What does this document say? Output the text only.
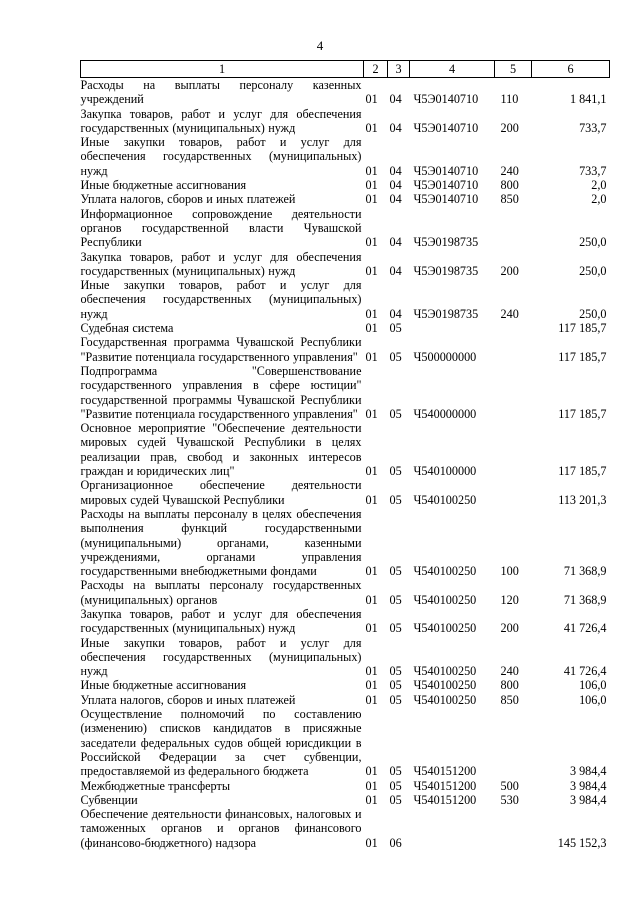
4
1	2	3	4	5	6
Расходы на выплаты персоналу казенных учреждений	01	04	Ч5Э0140710	110	1 841,1
Закупка товаров, работ и услуг для обеспечения государственных (муниципальных) нужд	01	04	Ч5Э0140710	200	733,7
Иные закупки товаров, работ и услуг для обеспечения государственных (муниципальных) нужд	01	04	Ч5Э0140710	240	733,7
Иные бюджетные ассигнования	01	04	Ч5Э0140710	800	2,0
Уплата налогов, сборов и иных платежей	01	04	Ч5Э0140710	850	2,0
Информационное сопровождение деятельности органов государственной власти Чувашской Республики	01	04	Ч5Э0198735		250,0
Закупка товаров, работ и услуг для обеспечения государственных (муниципальных) нужд	01	04	Ч5Э0198735	200	250,0
Иные закупки товаров, работ и услуг для обеспечения государственных (муниципальных) нужд	01	04	Ч5Э0198735	240	250,0
Судебная система	01	05			117 185,7
Государственная программа Чувашской Республики "Развитие потенциала государственного управления"	01	05	Ч500000000		117 185,7
Подпрограмма "Совершенствование государственного управления в сфере юстиции" государственной программы Чувашской Республики "Развитие потенциала государственного управления"	01	05	Ч540000000		117 185,7
Основное мероприятие "Обеспечение деятельности мировых судей Чувашской Республики в целях реализации прав, свобод и законных интересов граждан и юридических лиц"	01	05	Ч540100000		117 185,7
Организационное обеспечение деятельности мировых судей Чувашской Республики	01	05	Ч540100250		113 201,3
Расходы на выплаты персоналу в целях обеспечения выполнения функций государственными (муниципальными) органами, казенными учреждениями, органами управления государственными внебюджетными фондами	01	05	Ч540100250	100	71 368,9
Расходы на выплаты персоналу государственных (муниципальных) органов	01	05	Ч540100250	120	71 368,9
Закупка товаров, работ и услуг для обеспечения государственных (муниципальных) нужд	01	05	Ч540100250	200	41 726,4
Иные закупки товаров, работ и услуг для обеспечения государственных (муниципальных) нужд	01	05	Ч540100250	240	41 726,4
Иные бюджетные ассигнования	01	05	Ч540100250	800	106,0
Уплата налогов, сборов и иных платежей	01	05	Ч540100250	850	106,0
Осуществление полномочий по составлению (изменению) списков кандидатов в присяжные заседатели федеральных судов общей юрисдикции в Российской Федерации за счет субвенции, предоставляемой из федерального бюджета	01	05	Ч540151200		3 984,4
Межбюджетные трансферты	01	05	Ч540151200	500	3 984,4
Субвенции	01	05	Ч540151200	530	3 984,4
Обеспечение деятельности финансовых, налоговых и таможенных органов и органов финансового (финансово-бюджетного) надзора	01	06			145 152,3
